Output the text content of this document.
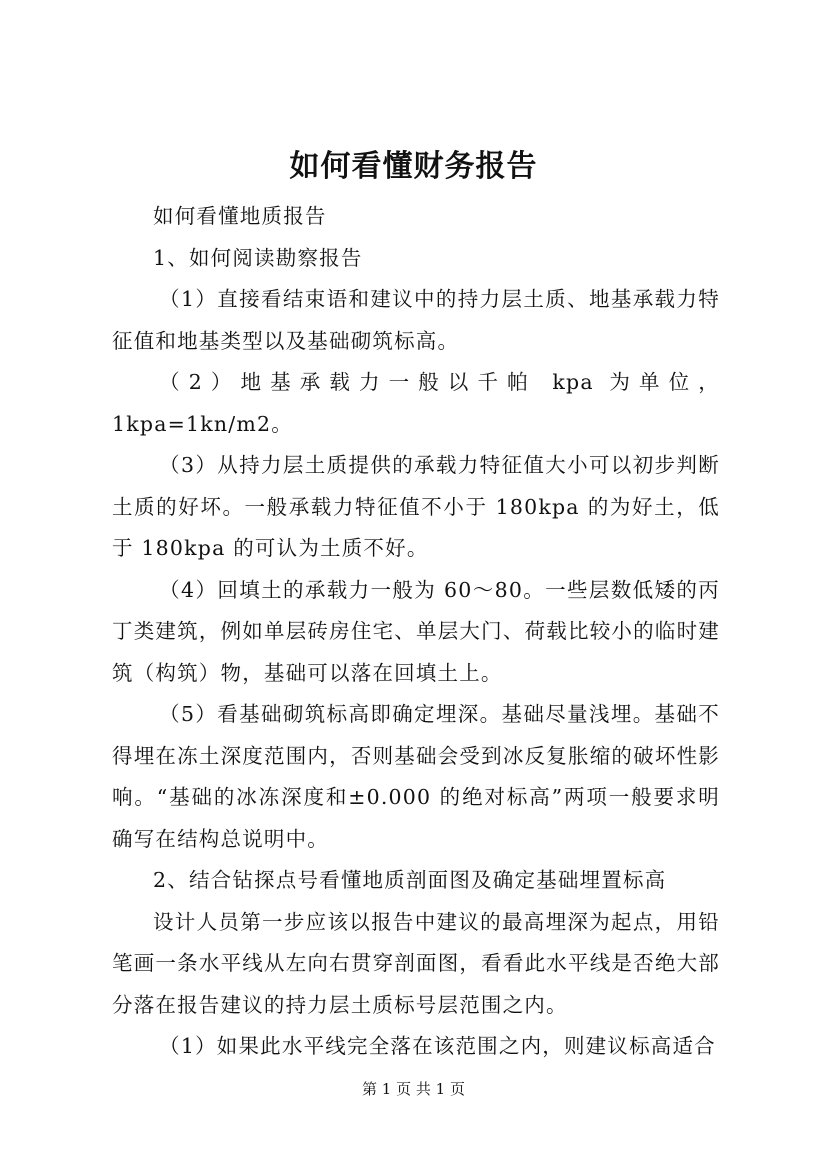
如何看懂财务报告

如何看懂地质报告

1、如何阅读勘察报告

（1）直接看结束语和建议中的持力层土质、地基承载力特征值和地基类型以及基础砌筑标高。

（2）地基承载力一般以千帕 kpa 为单位，1kpa=1kn/m2。

（3）从持力层土质提供的承载力特征值大小可以初步判断土质的好坏。一般承载力特征值不小于 180kpa 的为好土，低于 180kpa 的可认为土质不好。

（4）回填土的承载力一般为 60～80。一些层数低矮的丙丁类建筑，例如单层砖房住宅、单层大门、荷载比较小的临时建筑（构筑）物，基础可以落在回填土上。

（5）看基础砌筑标高即确定埋深。基础尽量浅埋。基础不得埋在冻土深度范围内，否则基础会受到冰反复胀缩的破坏性影响。“基础的冰冻深度和±0.000 的绝对标高”两项一般要求明确写在结构总说明中。

2、结合钻探点号看懂地质剖面图及确定基础埋置标高

设计人员第一步应该以报告中建议的最高埋深为起点，用铅笔画一条水平线从左向右贯穿剖面图，看看此水平线是否绝大部分落在报告建议的持力层土质标号层范围之内。

（1）如果此水平线完全落在该范围之内，则建议标高适合

第 1 页 共 1 页
